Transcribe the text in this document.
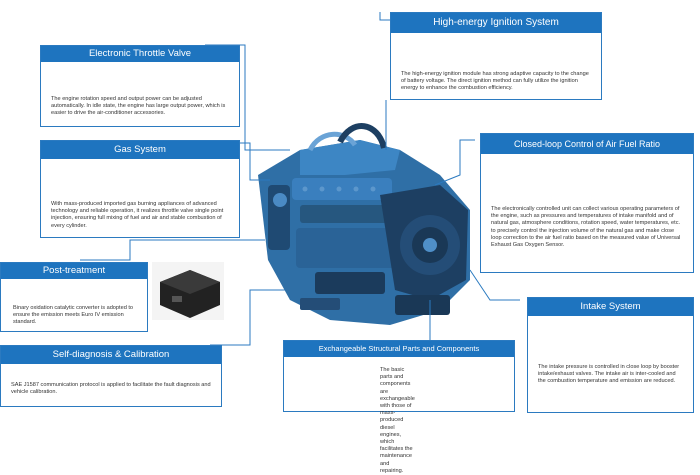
Electronic Throttle Valve
The engine rotation speed and output power can be adjusted automatically. In idle state, the engine has large output power, which is easier to drive the air-conditioner accessories.
High-energy Ignition System
The high-energy ignition module has strong adaptive capacity to the change of battery voltage. The direct ignition method can fully utilize the ignition energy to enhance the combustion efficiency.
Gas System
With mass-produced imported gas burning appliances of advanced technology and reliable operation, it realizes throttle valve single point injection, ensuring full mixing of fuel and air and stable combustion of every cylinder.
Closed-loop Control of Air Fuel Ratio
The electronically controlled unit can collect various operating parameters of the engine, such as pressures and temperatures of intake manifold and of natural gas, atmosphere conditions, rotation speed, water temperatures, etc. to precisely control the injection volume of the natural gas and make close loop correction to the air fuel ratio based on the measured value of Universal Exhaust Gas Oxygen Sensor.
Post-treatment
Binary oxidation catalytic converter is adopted to ensure the emission meets Euro IV emission standard.
Self-diagnosis & Calibration
SAE J1587 communication protocol is applied to facilitate the fault diagnosis and vehicle calibration.
Exchangeable Structural Parts and Components
The basic parts and components are exchangeable with those of mass-produced diesel engines, which facilitates the maintenance and repairing.
Intake System
The intake pressure is controlled in close loop by booster intake/exhaust valves. The intake air is inter-cooled and the combustion temperature and emission are reduced.
